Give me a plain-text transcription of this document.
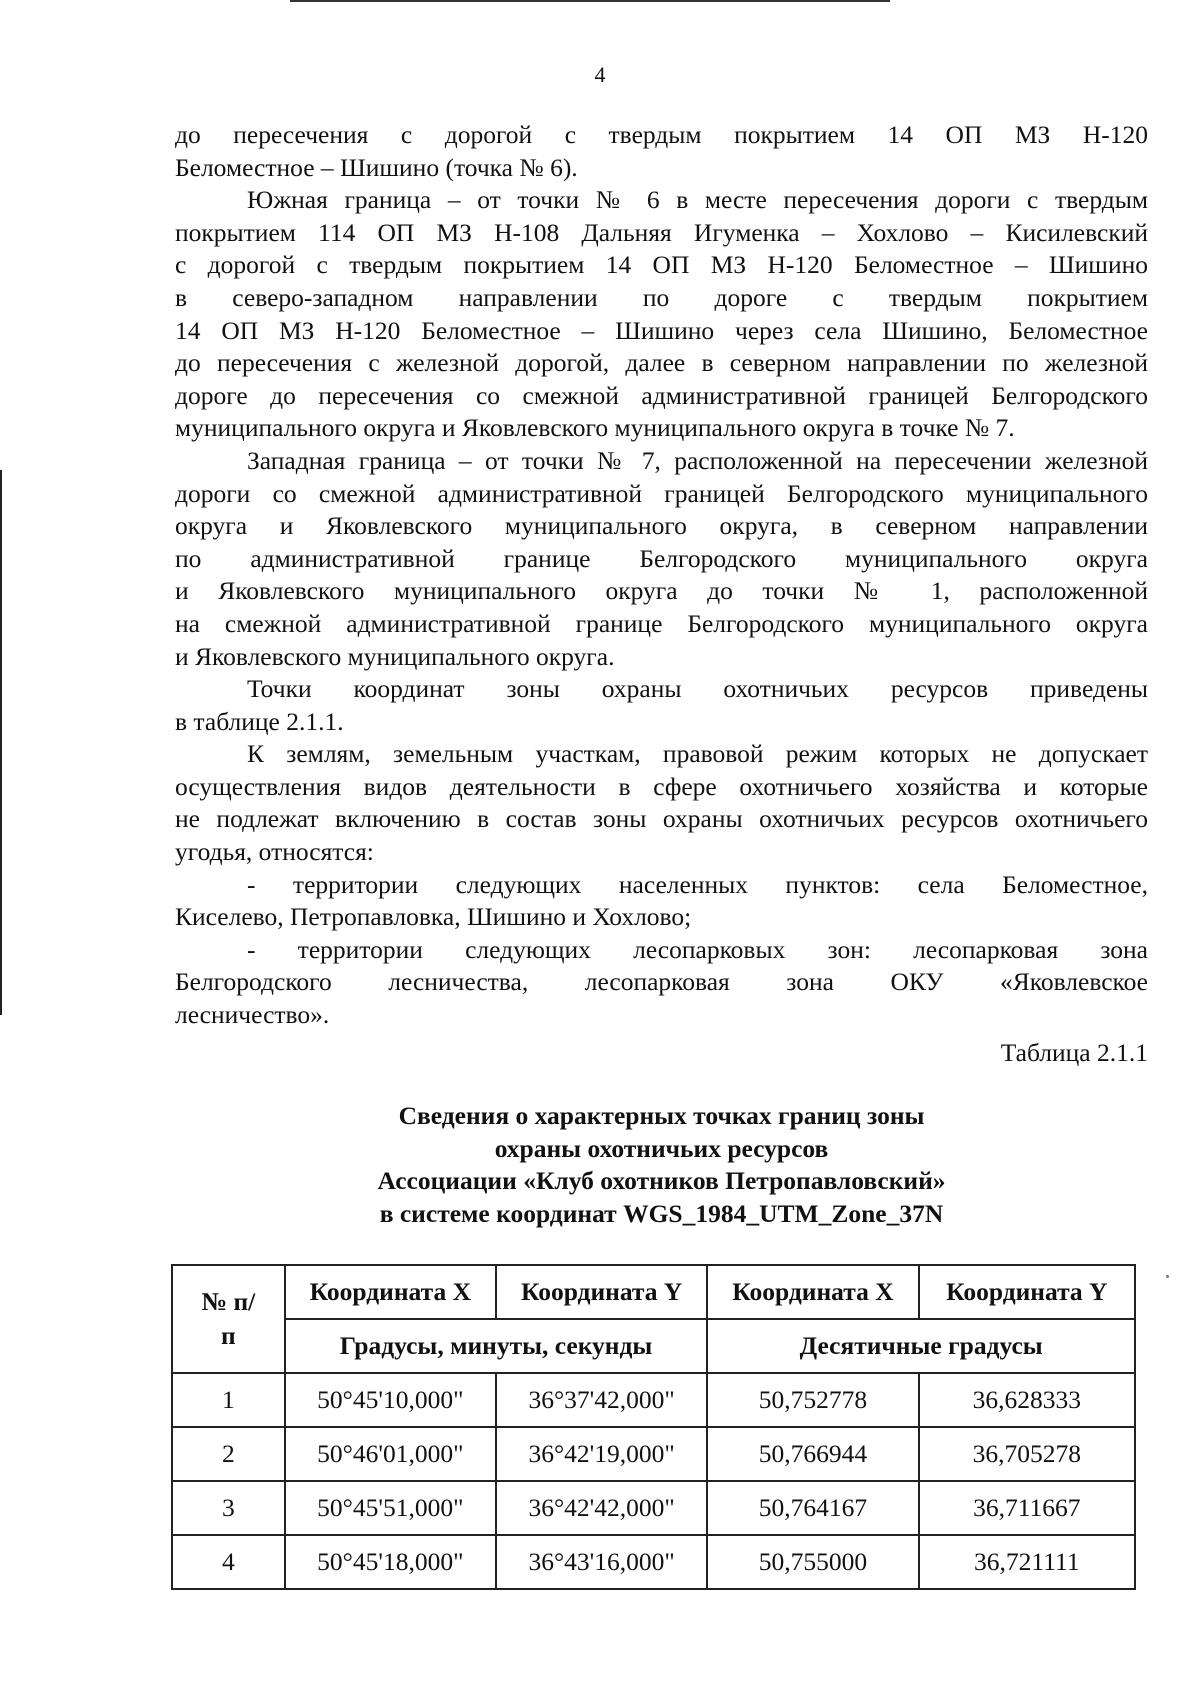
4
до пересечения с дорогой с твердым покрытием 14 ОП МЗ Н-120
Беломестное – Шишино (точка № 6).
Южная граница – от точки № 6 в месте пересечения дороги с твердым
покрытием 114 ОП МЗ Н-108 Дальняя Игуменка – Хохлово – Кисилевский
с дорогой с твердым покрытием 14 ОП МЗ Н-120 Беломестное – Шишино
в северо-западном направлении по дороге с твердым покрытием
14 ОП МЗ Н-120 Беломестное – Шишино через села Шишино, Беломестное
до пересечения с железной дорогой, далее в северном направлении по железной
дороге до пересечения со смежной административной границей Белгородского
муниципального округа и Яковлевского муниципального округа в точке № 7.
Западная граница – от точки № 7, расположенной на пересечении железной
дороги со смежной административной границей Белгородского муниципального
округа и Яковлевского муниципального округа, в северном направлении
по административной границе Белгородского муниципального округа
и Яковлевского муниципального округа до точки № 1, расположенной
на смежной административной границе Белгородского муниципального округа
и Яковлевского муниципального округа.
Точки координат зоны охраны охотничьих ресурсов приведены
в таблице 2.1.1.
К землям, земельным участкам, правовой режим которых не допускает
осуществления видов деятельности в сфере охотничьего хозяйства и которые
не подлежат включению в состав зоны охраны охотничьих ресурсов охотничьего
угодья, относятся:
- территории следующих населенных пунктов: села Беломестное,
Киселево, Петропавловка, Шишино и Хохлово;
- территории следующих лесопарковых зон: лесопарковая зона
Белгородского лесничества, лесопарковая зона ОКУ «Яковлевское
лесничество».
Таблица 2.1.1
Сведения о характерных точках границ зоны
охраны охотничьих ресурсов
Ассоциации «Клуб охотников Петропавловский»
в системе координат WGS_1984_UTM_Zone_37N
№ п/п	Координата X	Координата Y	Координата X	Координата Y
	Градусы, минуты, секунды		Десятичные градусы	
1	50°45'10,000"	36°37'42,000"	50,752778	36,628333
2	50°46'01,000"	36°42'19,000"	50,766944	36,705278
3	50°45'51,000"	36°42'42,000"	50,764167	36,711667
4	50°45'18,000"	36°43'16,000"	50,755000	36,721111
